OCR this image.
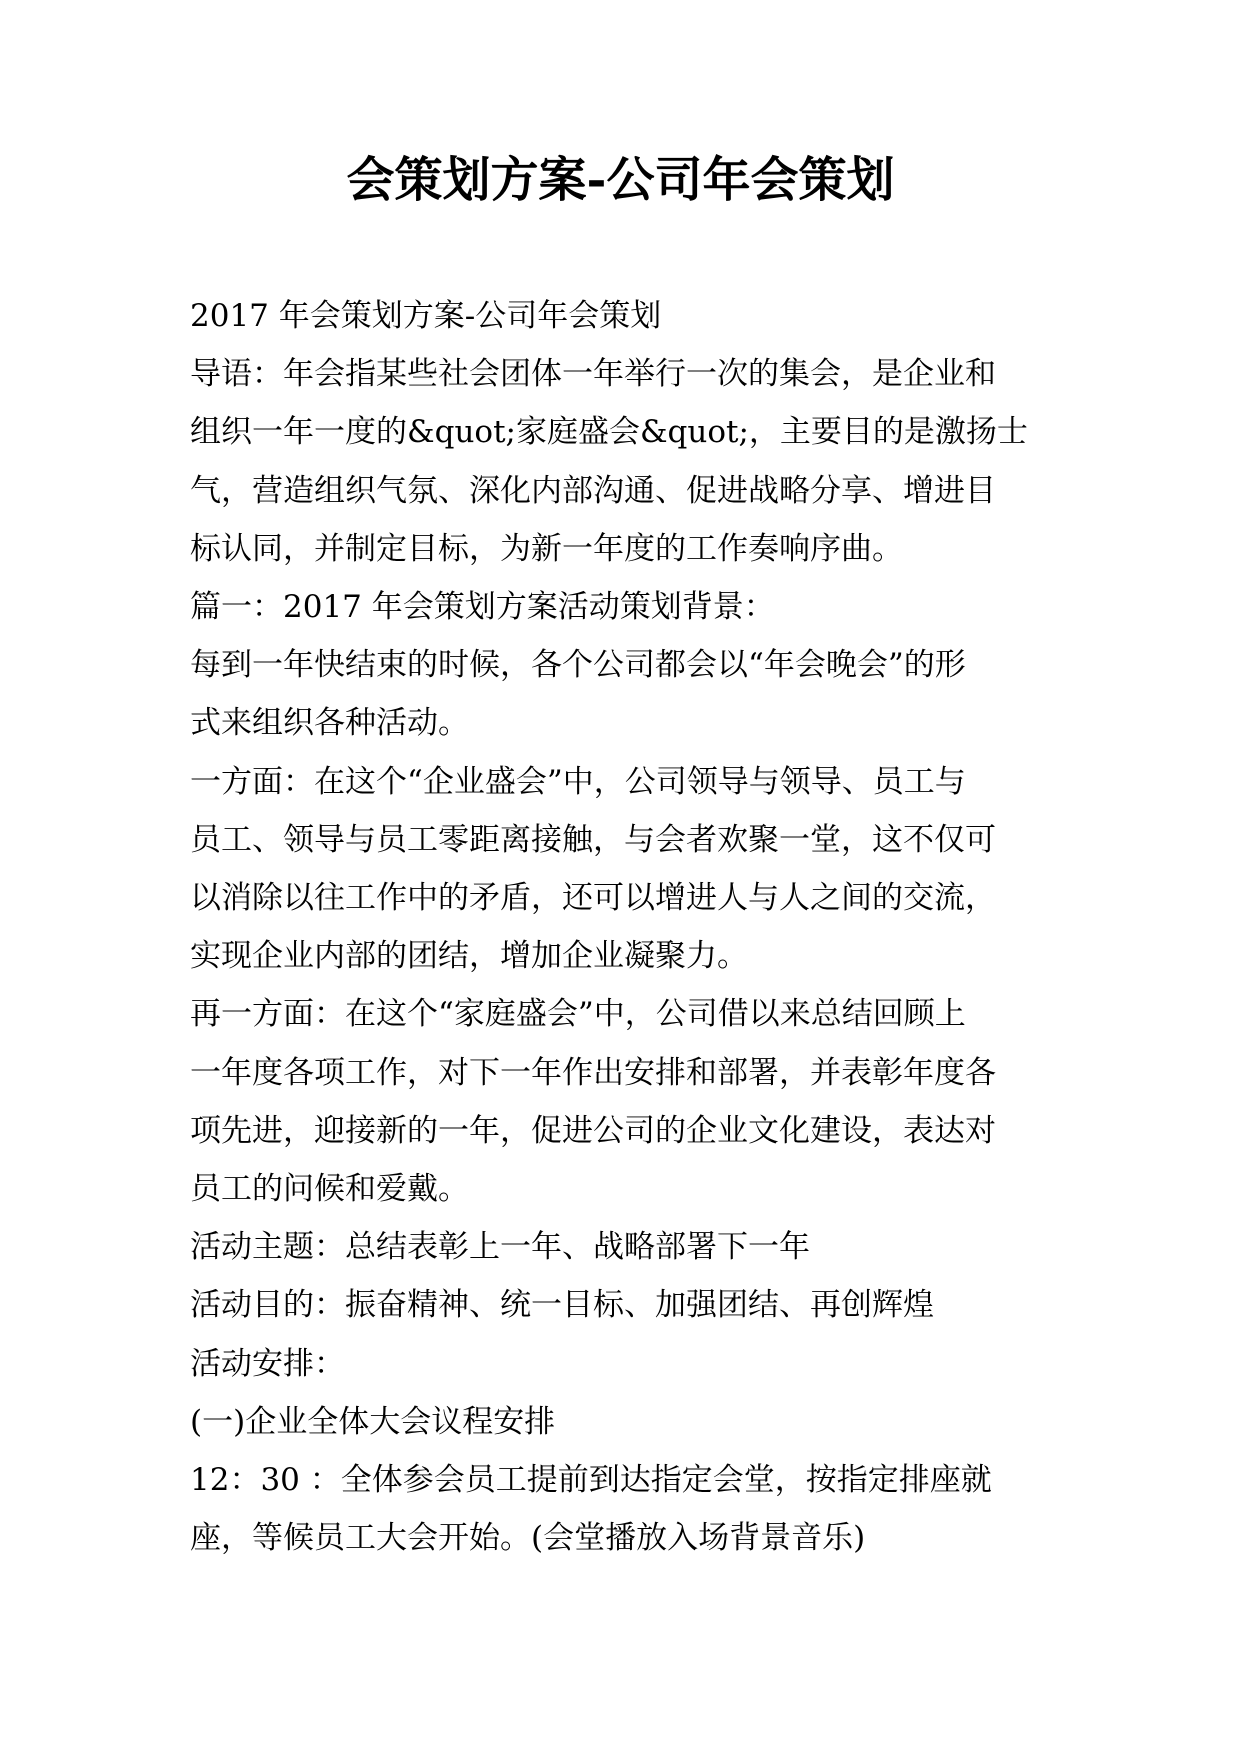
会策划方案-公司年会策划

2017 年会策划方案-公司年会策划

导语：年会指某些社会团体一年举行一次的集会，是企业和

组织一年一度的&quot;家庭盛会&quot;，主要目的是激扬士

气，营造组织气氛、深化内部沟通、促进战略分享、增进目

标认同，并制定目标，为新一年度的工作奏响序曲。

篇一：2017 年会策划方案活动策划背景：

每到一年快结束的时候，各个公司都会以“年会晚会”的形

式来组织各种活动。

一方面：在这个“企业盛会”中，公司领导与领导、员工与

员工、领导与员工零距离接触，与会者欢聚一堂，这不仅可

以消除以往工作中的矛盾，还可以增进人与人之间的交流，

实现企业内部的团结，增加企业凝聚力。

再一方面：在这个“家庭盛会”中，公司借以来总结回顾上

一年度各项工作，对下一年作出安排和部署，并表彰年度各

项先进，迎接新的一年，促进公司的企业文化建设，表达对

员工的问候和爱戴。

活动主题：总结表彰上一年、战略部署下一年

活动目的：振奋精神、统一目标、加强团结、再创辉煌

活动安排：

(一)企业全体大会议程安排

12：30 ：全体参会员工提前到达指定会堂，按指定排座就

座，等候员工大会开始。(会堂播放入场背景音乐)
